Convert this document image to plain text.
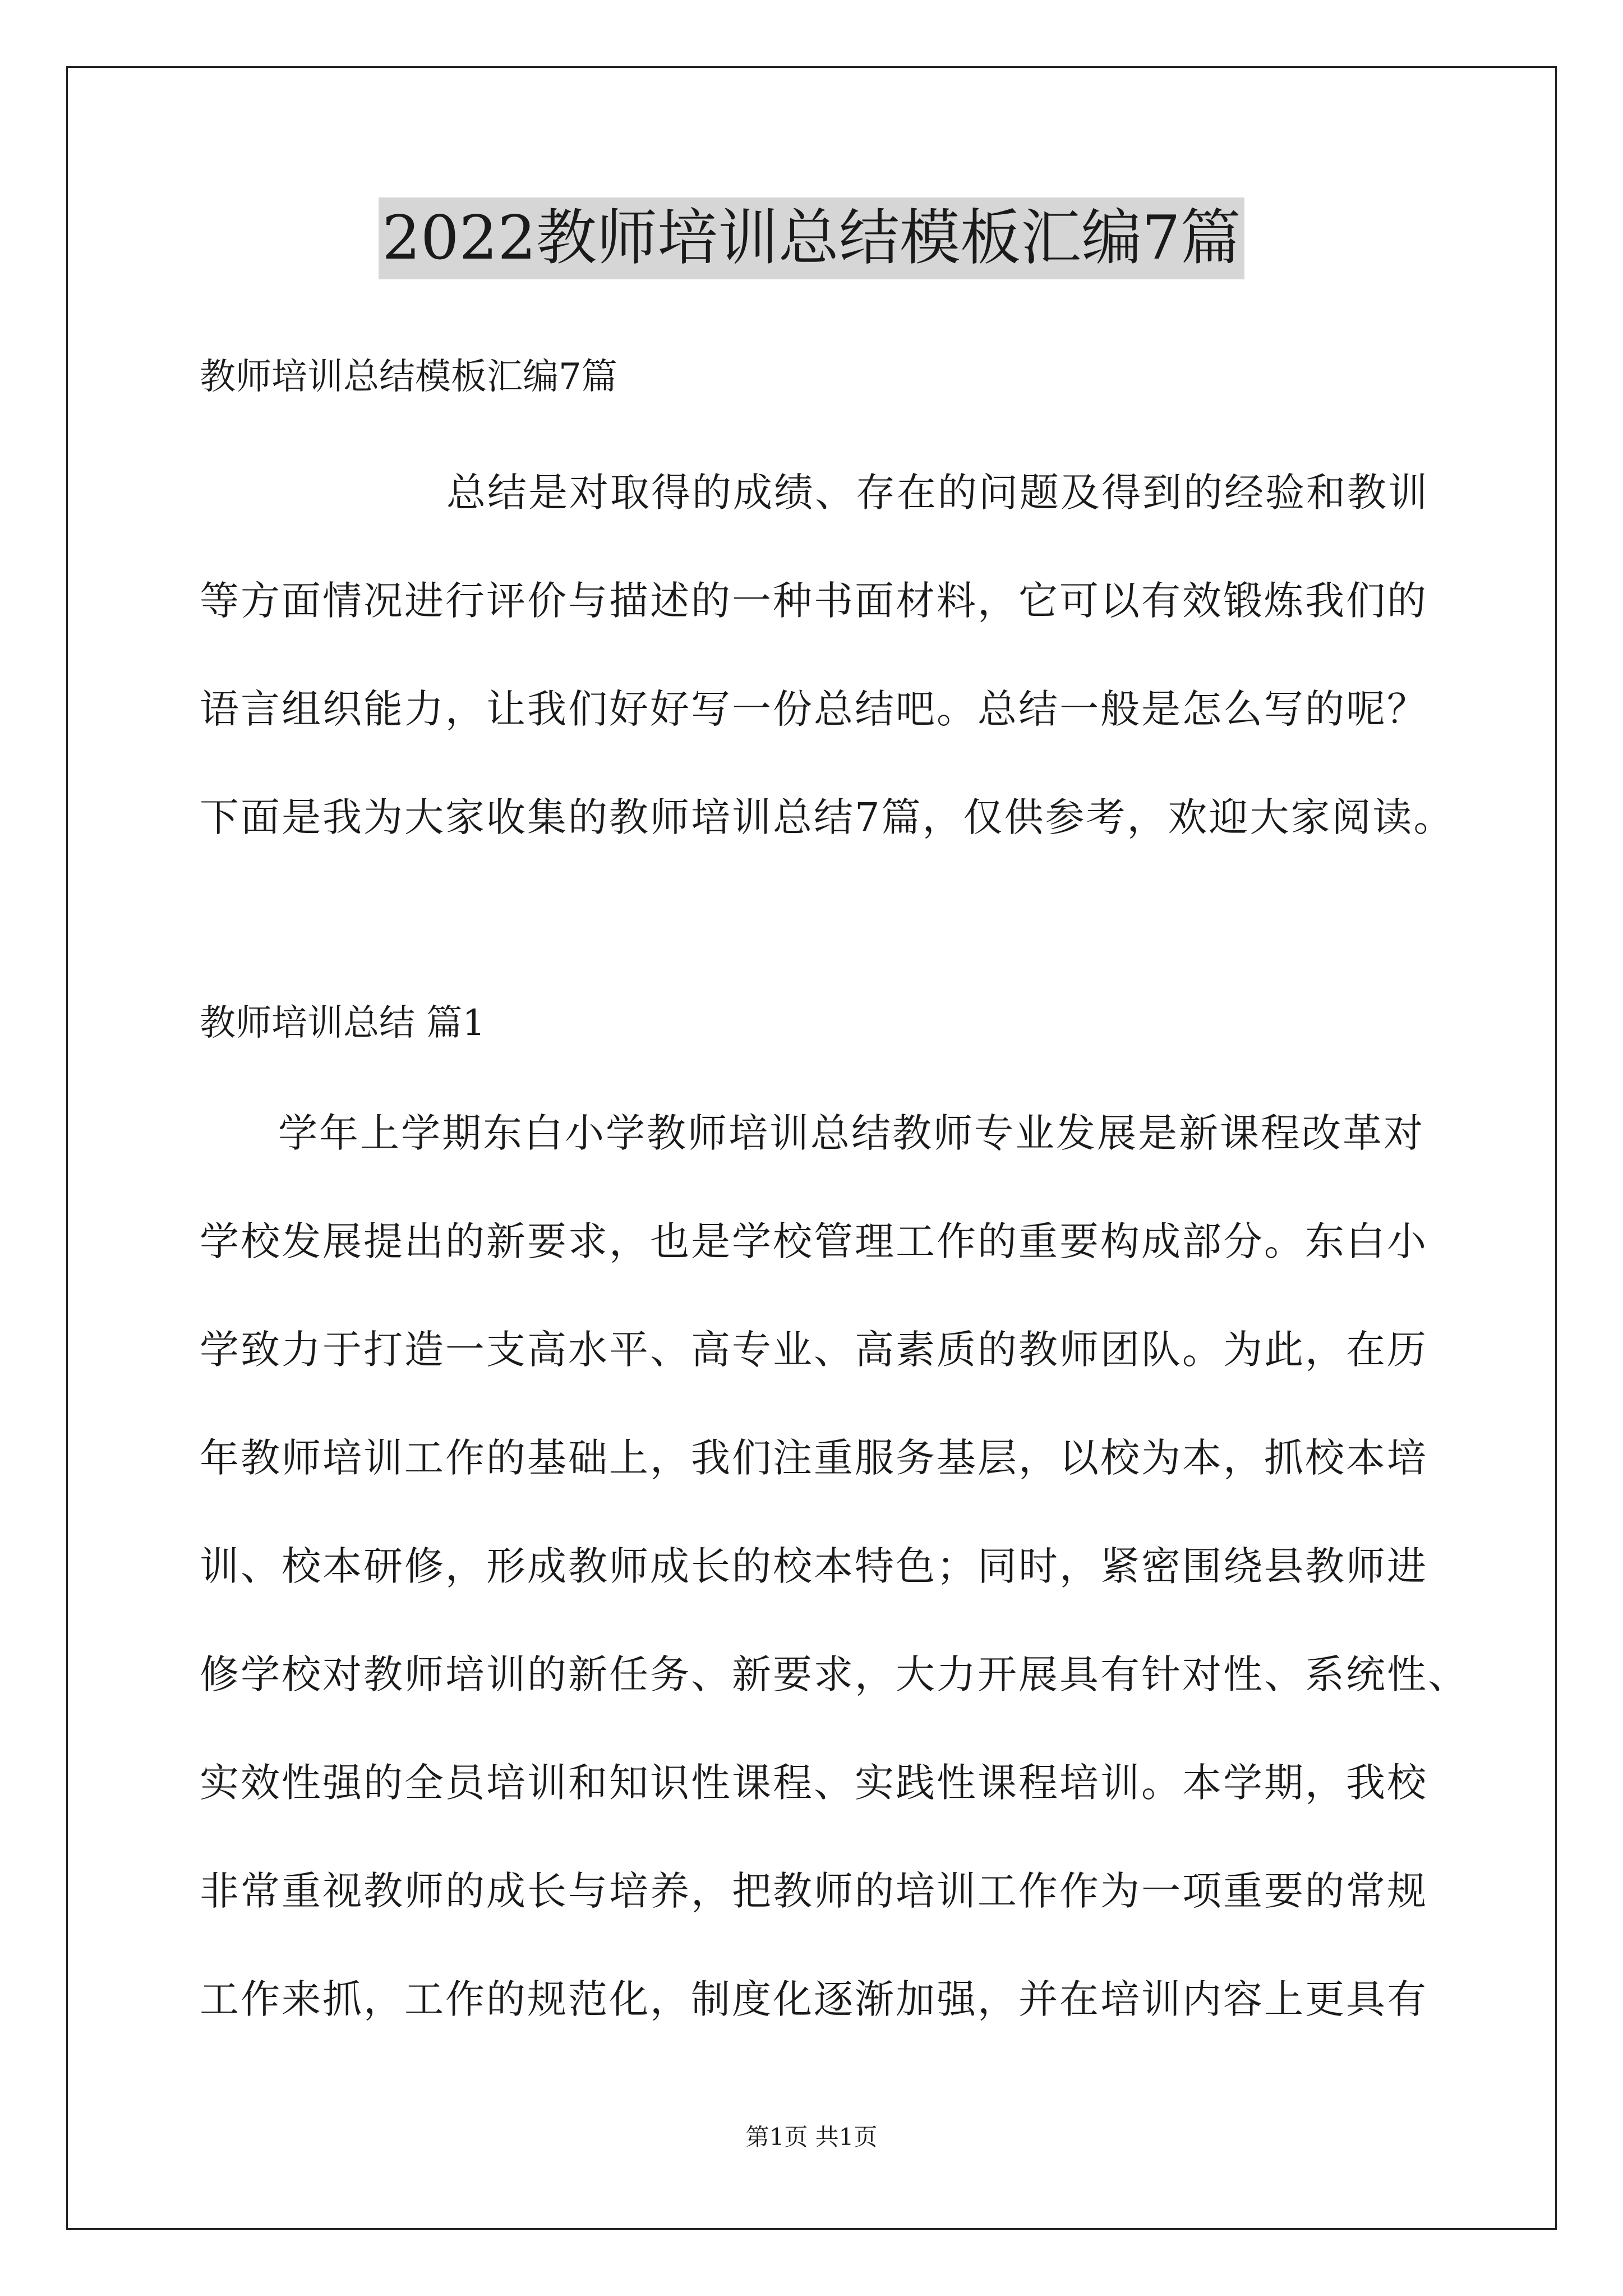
2022教师培训总结模板汇编7篇
教师培训总结模板汇编7篇
总结是对取得的成绩、存在的问题及得到的经验和教训
等方面情况进行评价与描述的一种书面材料，它可以有效锻炼我们的
语言组织能力，让我们好好写一份总结吧。总结一般是怎么写的呢？
下面是我为大家收集的教师培训总结7篇，仅供参考，欢迎大家阅读。
教师培训总结 篇1
学年上学期东白小学教师培训总结教师专业发展是新课程改革对
学校发展提出的新要求，也是学校管理工作的重要构成部分。东白小
学致力于打造一支高水平、高专业、高素质的教师团队。为此，在历
年教师培训工作的基础上，我们注重服务基层，以校为本，抓校本培
训、校本研修，形成教师成长的校本特色；同时，紧密围绕县教师进
修学校对教师培训的新任务、新要求，大力开展具有针对性、系统性、
实效性强的全员培训和知识性课程、实践性课程培训。本学期，我校
非常重视教师的成长与培养，把教师的培训工作作为一项重要的常规
工作来抓，工作的规范化，制度化逐渐加强，并在培训内容上更具有
第1页 共1页
